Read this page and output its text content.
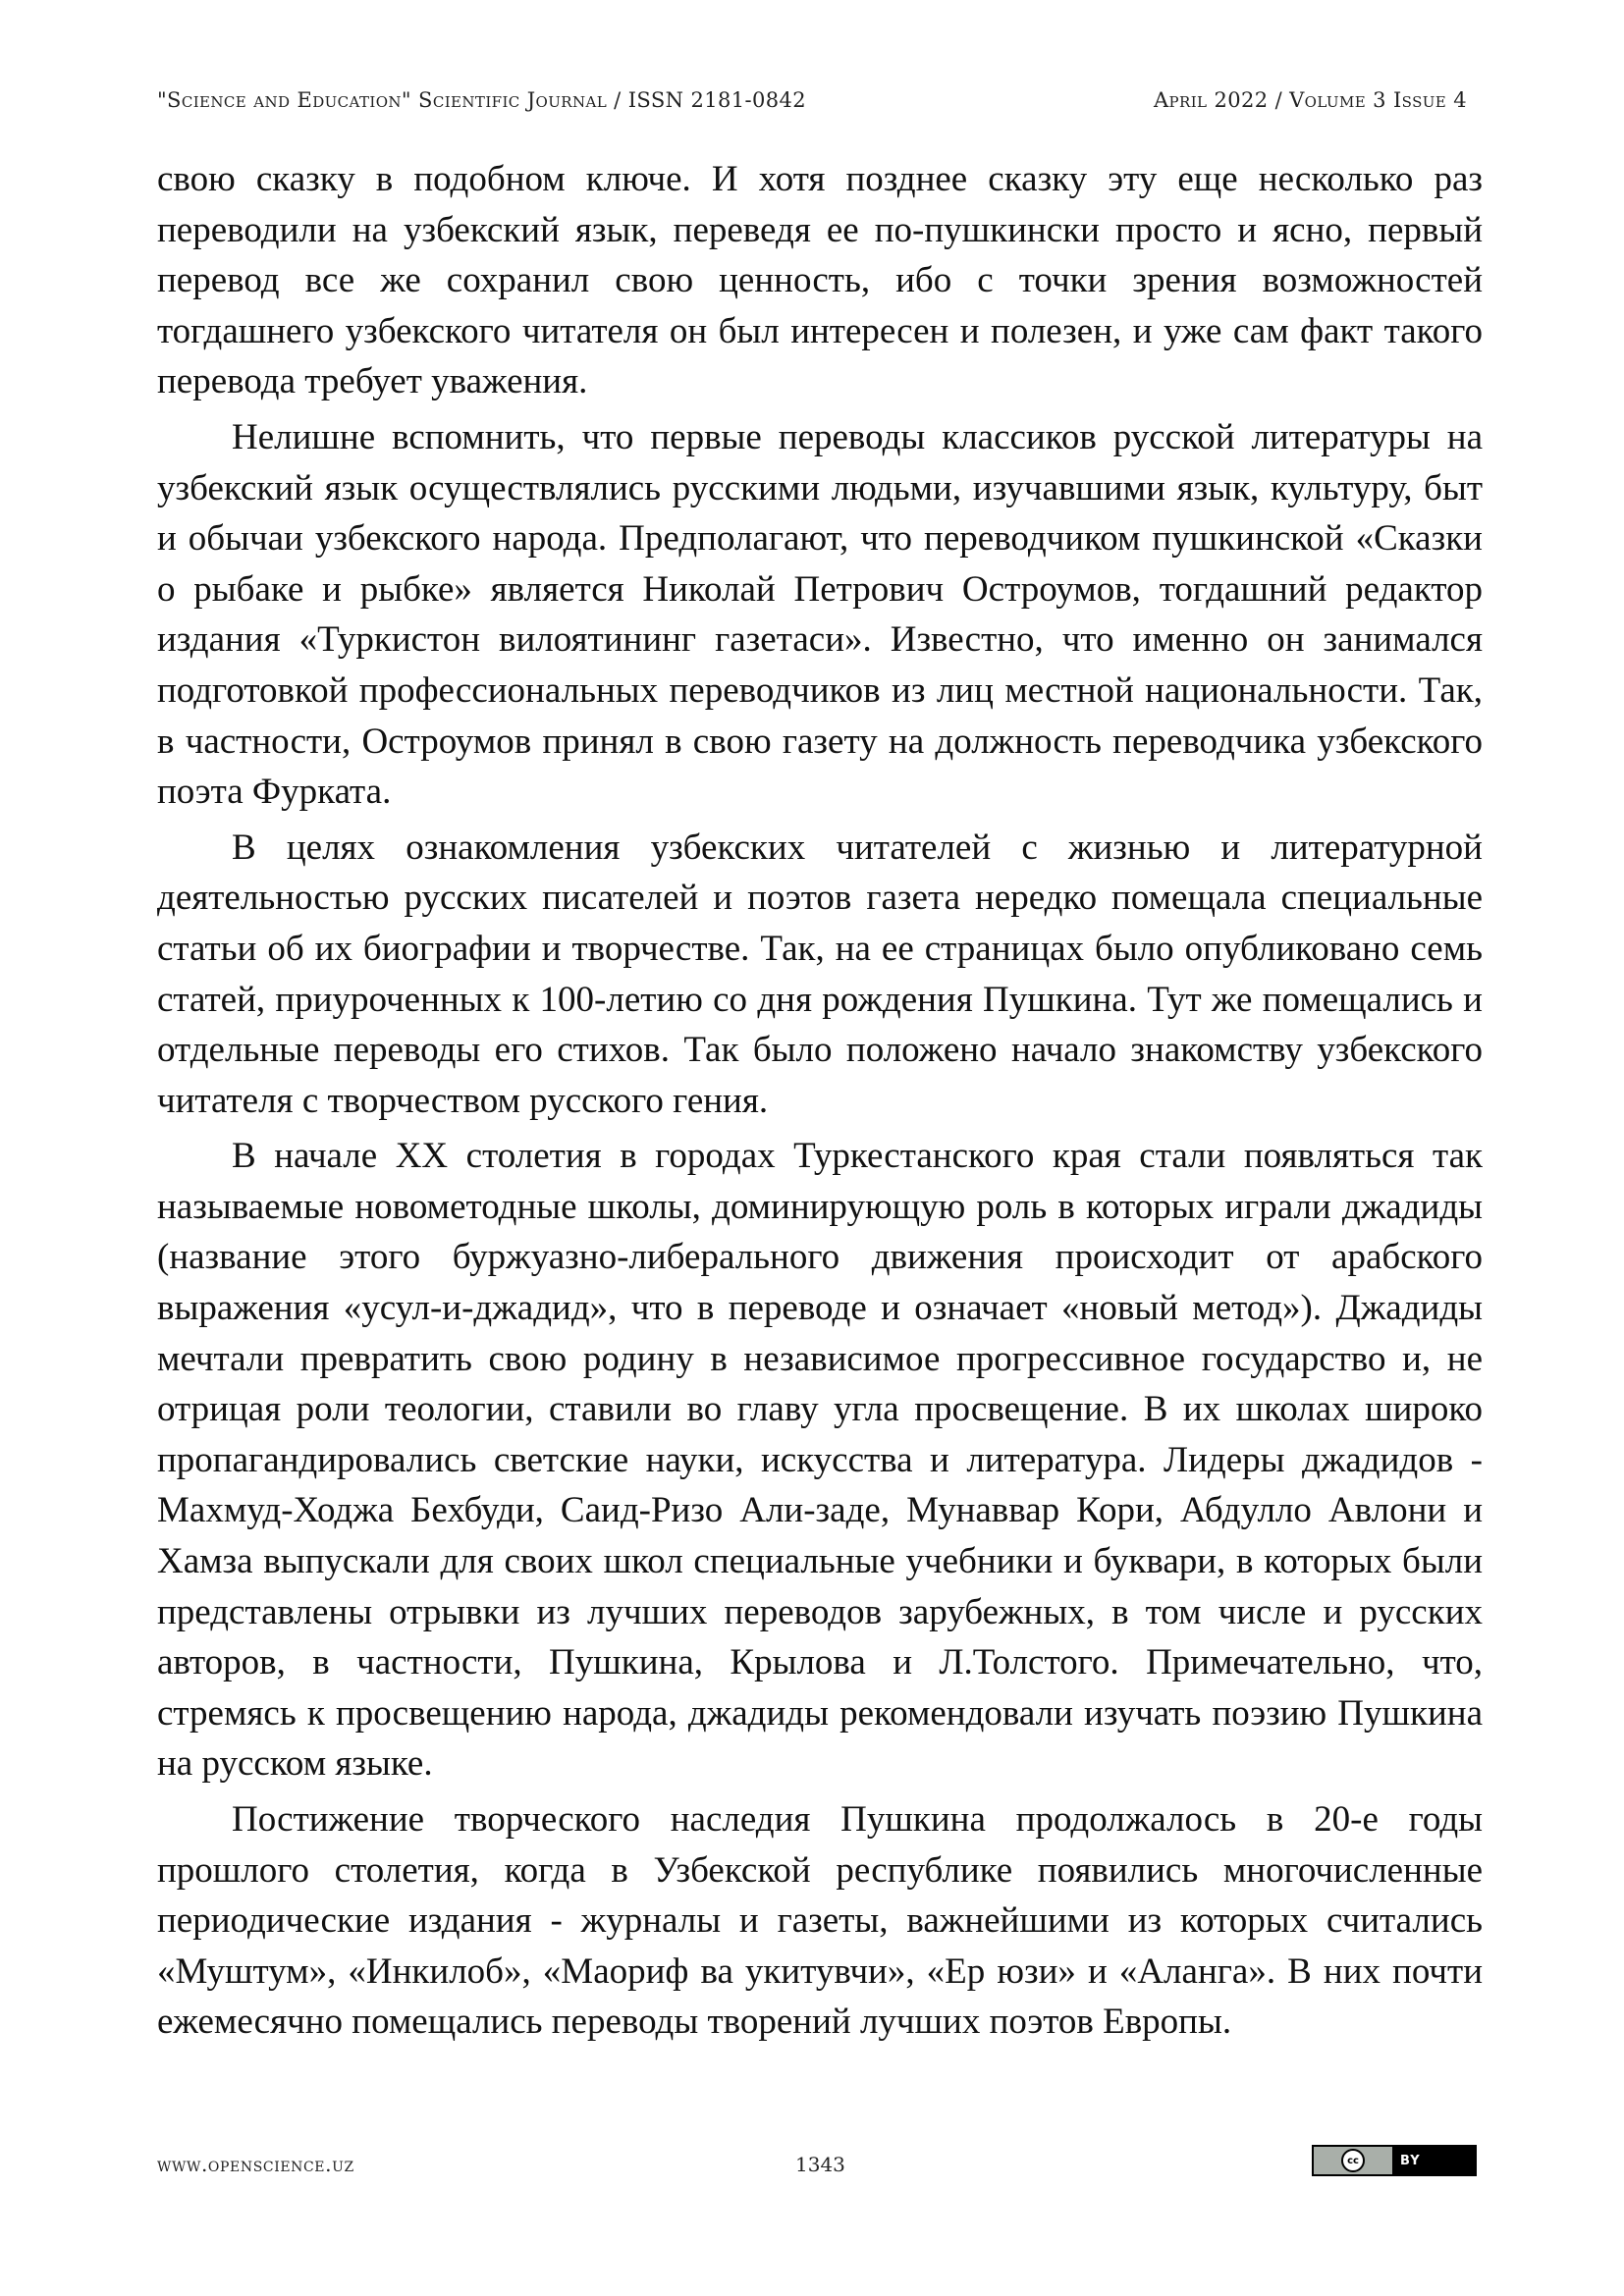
"Science and Education" Scientific Journal / ISSN 2181-0842	April 2022 / Volume 3 Issue 4

свою сказку в подобном ключе. И хотя позднее сказку эту еще несколько раз переводили на узбекский язык, переведя ее по-пушкински просто и ясно, первый перевод все же сохранил свою ценность, ибо с точки зрения возможностей тогдашнего узбекского читателя он был интересен и полезен, и уже сам факт такого перевода требует уважения.

Нелишне вспомнить, что первые переводы классиков русской литературы на узбекский язык осуществлялись русскими людьми, изучавшими язык, культуру, быт и обычаи узбекского народа. Предполагают, что переводчиком пушкинской «Сказки о рыбаке и рыбке» является Николай Петрович Остроумов, тогдашний редактор издания «Туркистон вилоятининг газетаси». Известно, что именно он занимался подготовкой профессиональных переводчиков из лиц местной национальности. Так, в частности, Остроумов принял в свою газету на должность переводчика узбекского поэта Фурката.

В целях ознакомления узбекских читателей с жизнью и литературной деятельностью русских писателей и поэтов газета нередко помещала специальные статьи об их биографии и творчестве. Так, на ее страницах было опубликовано семь статей, приуроченных к 100-летию со дня рождения Пушкина. Тут же помещались и отдельные переводы его стихов. Так было положено начало знакомству узбекского читателя с творчеством русского гения.

В начале XX столетия в городах Туркестанского края стали появляться так называемые новометодные школы, доминирующую роль в которых играли джадиды (название этого буржуазно-либерального движения происходит от арабского выражения «усул-и-джадид», что в переводе и означает «новый метод»). Джадиды мечтали превратить свою родину в независимое прогрессивное государство и, не отрицая роли теологии, ставили во главу угла просвещение. В их школах широко пропагандировались светские науки, искусства и литература. Лидеры джадидов - Махмуд-Ходжа Бехбуди, Саид-Ризо Али-заде, Мунаввар Кори, Абдулло Авлони и Хамза выпускали для своих школ специальные учебники и буквари, в которых были представлены отрывки из лучших переводов зарубежных, в том числе и русских авторов, в частности, Пушкина, Крылова и Л.Толстого. Примечательно, что, стремясь к просвещению народа, джадиды рекомендовали изучать поэзию Пушкина на русском языке.

Постижение творческого наследия Пушкина продолжалось в 20-е годы прошлого столетия, когда в Узбекской республике появились многочисленные периодические издания - журналы и газеты, важнейшими из которых считались «Муштум», «Инкилоб», «Маориф ва укитувчи», «Ер юзи» и «Аланга». В них почти ежемесячно помещались переводы творений лучших поэтов Европы.

www.openscience.uz	1343	cc	BY
